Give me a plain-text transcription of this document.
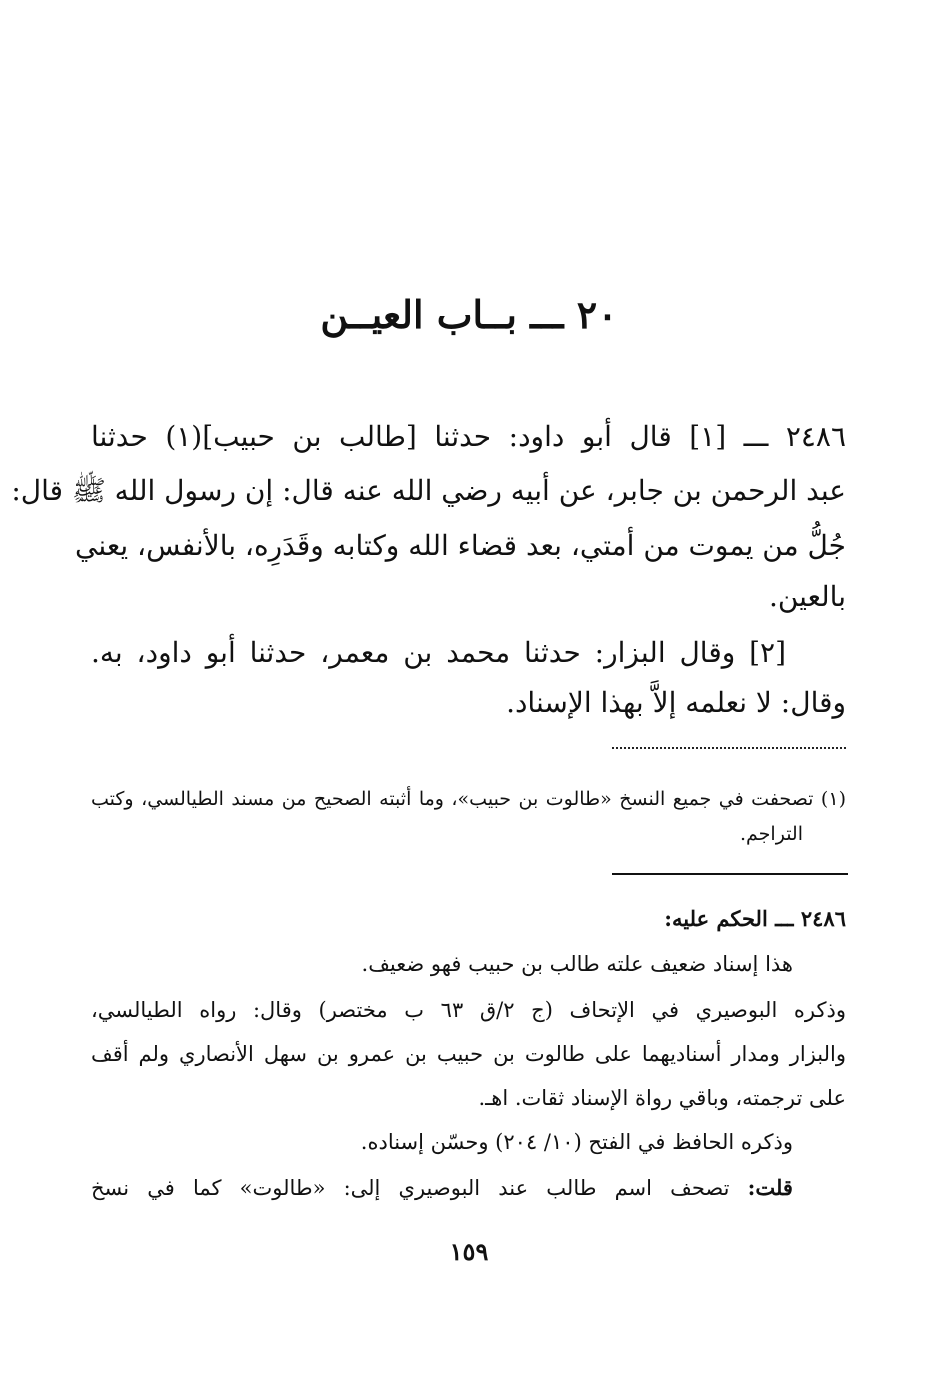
٢٠ ـــ بــاب العيــن
٢٤٨٦ ـــ [١] قال أبو داود: حدثنا [طالب بن حبيب](١) حدثنا
عبد الرحمن بن جابر، عن أبيه رضي الله عنه قال: إن رسول الله ﷺ قال:
جُلُّ من يموت من أمتي، بعد قضاء الله وكتابه وقَدَرِه، بالأنفس، يعني
بالعين.
[٢] وقال البزار: حدثنا محمد بن معمر، حدثنا أبو داود، به.
وقال: لا نعلمه إلاَّ بهذا الإسناد.
(١) تصحفت في جميع النسخ «طالوت بن حبيب»، وما أثبته الصحيح من مسند الطيالسي، وكتب
التراجم.
٢٤٨٦ ـــ الحكم عليه:
هذا إسناد ضعيف علته طالب بن حبيب فهو ضعيف.
وذكره البوصيري في الإتحاف (ج ٢/ق ٦٣ ب مختصر) وقال: رواه الطيالسي،
والبزار ومدار أسناديهما على طالوت بن حبيب بن عمرو بن سهل الأنصاري ولم أقف
على ترجمته، وباقي رواة الإسناد ثقات. اهـ.
وذكره الحافظ في الفتح (١٠/ ٢٠٤) وحسّن إسناده.
قلت: تصحف اسم طالب عند البوصيري إلى: «طالوت» كما في نسخ
١٥٩
